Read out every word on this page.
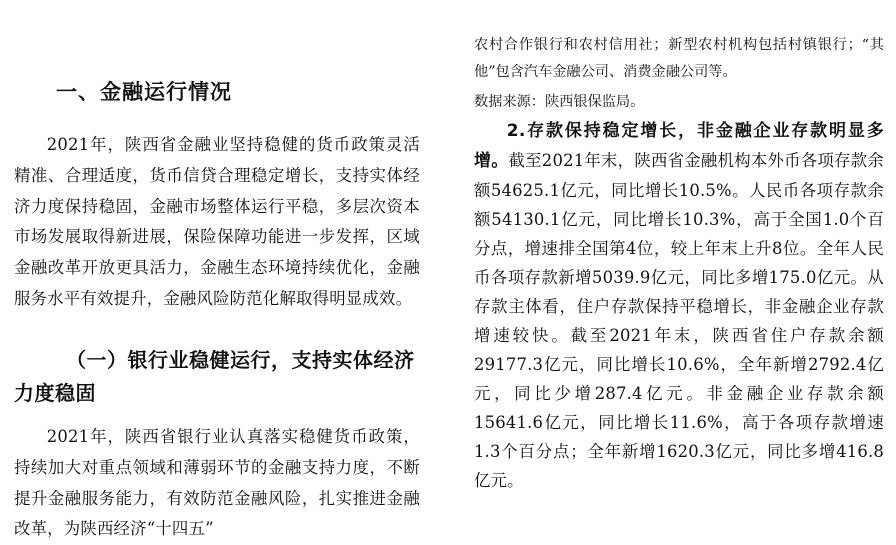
一、金融运行情况

2021年，陕西省金融业坚持稳健的货币政策灵活精准、合理适度，货币信贷合理稳定增长，支持实体经济力度保持稳固，金融市场整体运行平稳，多层次资本市场发展取得新进展，保险保障功能进一步发挥，区域金融改革开放更具活力，金融生态环境持续优化，金融服务水平有效提升，金融风险防范化解取得明显成效。

（一）银行业稳健运行，支持实体经济力度稳固

2021年，陕西省银行业认真落实稳健货币政策，持续加大对重点领域和薄弱环节的金融支持力度，不断提升金融服务能力，有效防范金融风险，扎实推进金融改革，为陕西经济“十四五”

农村合作银行和农村信用社；新型农村机构包括村镇银行；“其他”包含汽车金融公司、消费金融公司等。

数据来源：陕西银保监局。

2.存款保持稳定增长，非金融企业存款明显多增。截至2021年末，陕西省金融机构本外币各项存款余额54625.1亿元，同比增长10.5%。人民币各项存款余额54130.1亿元，同比增长10.3%，高于全国1.0个百分点，增速排全国第4位，较上年末上升8位。全年人民币各项存款新增5039.9亿元，同比多增175.0亿元。从存款主体看，住户存款保持平稳增长，非金融企业存款增速较快。截至2021年末，陕西省住户存款余额29177.3亿元，同比增长10.6%，全年新增2792.4亿元，同比少增287.4亿元。非金融企业存款余额15641.6亿元，同比增长11.6%，高于各项存款增速1.3个百分点；全年新增1620.3亿元，同比多增416.8亿元。
